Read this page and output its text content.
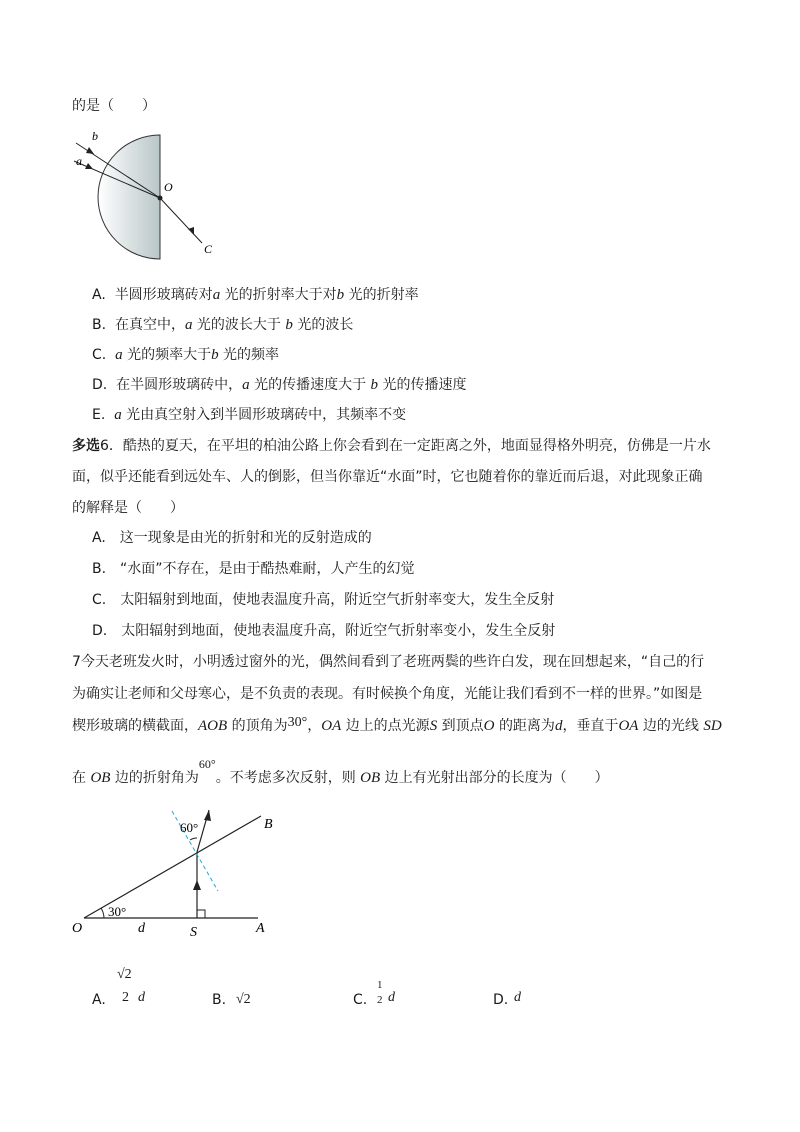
的是（　　）
b
a
O
C
A. 半圆形玻璃砖对a 光的折射率大于对b 光的折射率
B. 在真空中，a 光的波长大于 b 光的波长
C. a 光的频率大于b 光的频率
D. 在半圆形玻璃砖中，a 光的传播速度大于 b 光的传播速度
E. a 光由真空射入到半圆形玻璃砖中，其频率不变
多选6．酷热的夏天，在平坦的柏油公路上你会看到在一定距离之外，地面显得格外明亮，仿佛是一片水
面，似乎还能看到远处车、人的倒影，但当你靠近“水面”时，它也随着你的靠近而后退，对此现象正确
的解释是（　　）
A.　这一现象是由光的折射和光的反射造成的
B.　“水面”不存在，是由于酷热难耐，人产生的幻觉
C.　太阳辐射到地面，使地表温度升高，附近空气折射率变大，发生全反射
D.　太阳辐射到地面，使地表温度升高，附近空气折射率变小，发生全反射
7今天老班发火时，小明透过窗外的光，偶然间看到了老班两鬓的些许白发，现在回想起来，“自己的行
为确实让老师和父母寒心，是不负责的表现。有时候换个角度，光能让我们看到不一样的世界。”如图是
楔形玻璃的横截面，AOB 的顶角为30°，OA 边上的点光源S 到顶点O 的距离为d，垂直于OA 边的光线 SD
在 OB 边的折射角为60°。不考虑多次反射，则 OB 边上有光射出部分的长度为（　　）
B
A
O	S
d
30°
60°
A.
√2
2 d	B. √2	C.
1
2 d	D. d
